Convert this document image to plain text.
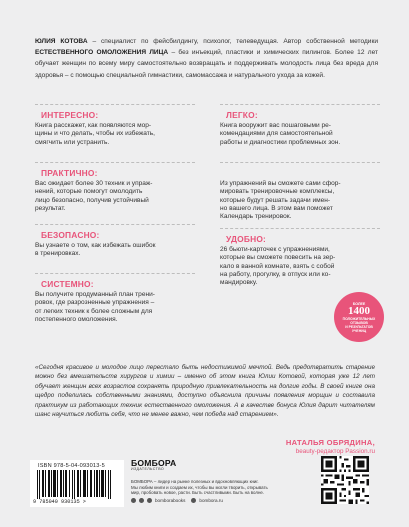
ЮЛИЯ КОТОВА – специалист по фейсбилдингу, психолог, телеведущая. Автор собственной методики ЕСТЕСТВЕННОГО ОМОЛОЖЕНИЯ ЛИЦА – без инъекций, пластики и химических пилингов. Более 12 лет обучает женщин по всему миру самостоятельно возвращать и поддерживать молодость лица без вреда для здоровья – с помощью специальной гимнастики, самомассажа и натурального ухода за кожей.
ИНТЕРЕСНО:
Книга расскажет, как появляются мор-
щины и что делать, чтобы их избежать,
смягчить или устранить.
ПРАКТИЧНО:
Вас ожидает более 30 техник и упраж-
нений, которые помогут омолодить
лицо безопасно, получив устойчивый
результат.
БЕЗОПАСНО:
Вы узнаете о том, как избежать ошибок
в тренировках.
СИСТЕМНО:
Вы получите продуманный план трени-
ровок, где разрозненные упражнения –
от легких техник к более сложным для
постепенного омоложения.
ЛЕГКО:
Книга вооружит вас пошаговыми ре-
комендациями для самостоятельной
работы и диагностики проблемных зон.
Из упражнений вы сможете сами сфор-
мировать тренировочные комплексы,
которые будут решать задачи имен-
но вашего лица. В этом вам поможет
Календарь тренировок.
УДОБНО:
26 бьюти-карточек с упражнениями,
которые вы сможете повесить на зер-
кало в ванной комнате, взять с собой
на работу, прогулку, в отпуск или ко-
мандировку.
БОЛЕЕ
1400
ПОЛОЖИТЕЛЬНЫХ
ОТЗЫВОВ
И РЕЗУЛЬТАТОВ
УЧЕНИЦ
«Сегодня красивое и молодое лицо перестало быть недостижимой мечтой. Ведь предотвратить старение можно без вмешательств хирургов и химии – именно об этом книга Юлии Котовой, которая уже 12 лет обучает женщин всех возрастов сохранять природную привлекательность на долгие годы. В своей книге она щедро поделилась собственными знаниями, доступно объяснила причины появления морщин и составила практикум из работающих техник естественного омоложения. А в качестве бонуса Юлия дарит читателям шанс научиться любить себя, что не менее важно, чем победа над старением».
НАТАЛЬЯ ОБРЯДИНА,
beauty-редактор Passion.ru
ISBN 978-5-04-093013-5
9 785040 930135 >
БОМБОРА
ИЗДАТЕЛЬСТВО
БОМБОРА – лидер на рынке полезных и вдохновляющих книг.
Мы любим книги и создаем их, чтобы вы могли творить, открывать
мир, пробовать новое, расти. Быть счастливыми. Быть на волне.
bomborabooks	bombora.ru
